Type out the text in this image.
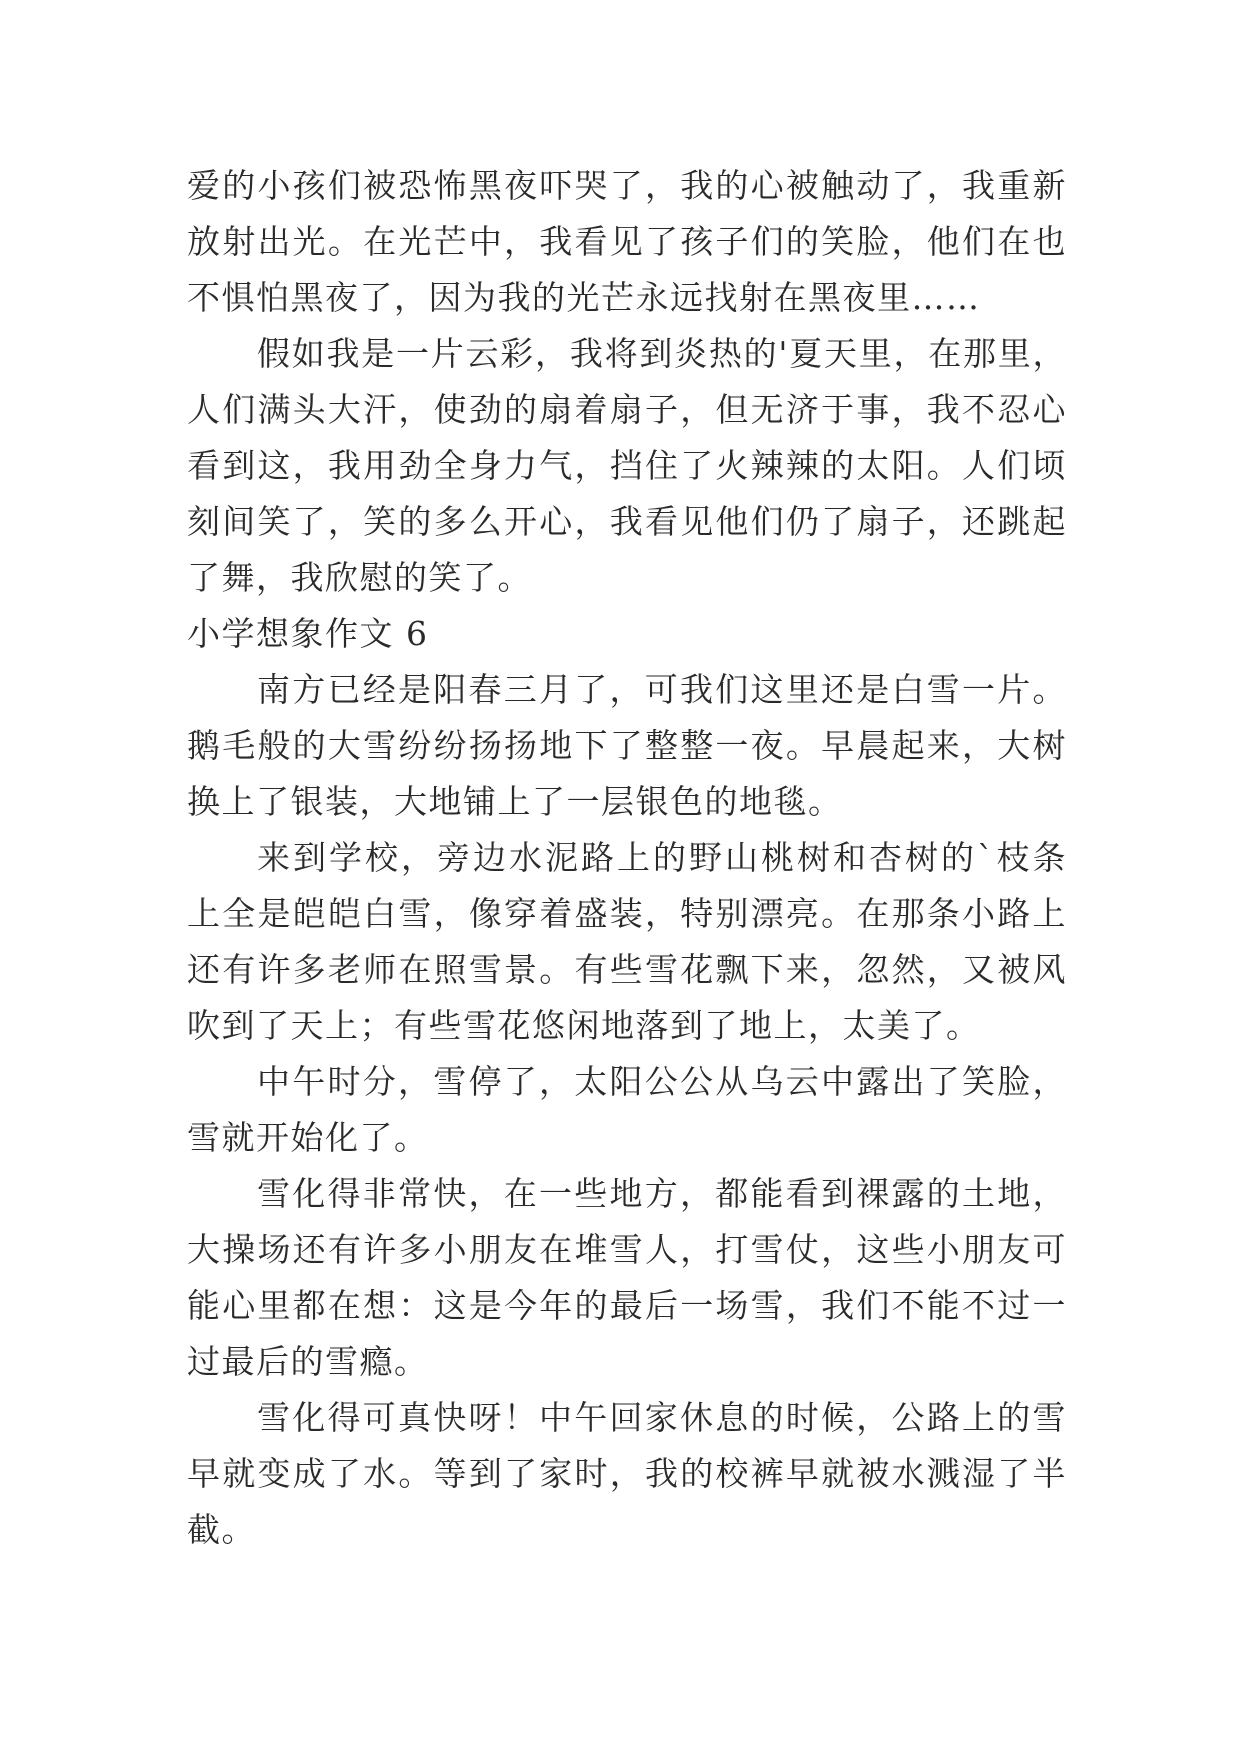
爱的小孩们被恐怖黑夜吓哭了，我的心被触动了，我重新放射出光。在光芒中，我看见了孩子们的笑脸，他们在也不惧怕黑夜了，因为我的光芒永远找射在黑夜里……

假如我是一片云彩，我将到炎热的'夏天里，在那里，人们满头大汗，使劲的扇着扇子，但无济于事，我不忍心看到这，我用劲全身力气，挡住了火辣辣的太阳。人们顷刻间笑了，笑的多么开心，我看见他们仍了扇子，还跳起了舞，我欣慰的笑了。

小学想象作文 6

南方已经是阳春三月了，可我们这里还是白雪一片。鹅毛般的大雪纷纷扬扬地下了整整一夜。早晨起来，大树换上了银装，大地铺上了一层银色的地毯。

来到学校，旁边水泥路上的野山桃树和杏树的`枝条上全是皑皑白雪，像穿着盛装，特别漂亮。在那条小路上还有许多老师在照雪景。有些雪花飘下来，忽然，又被风吹到了天上；有些雪花悠闲地落到了地上，太美了。

中午时分，雪停了，太阳公公从乌云中露出了笑脸，雪就开始化了。

雪化得非常快，在一些地方，都能看到裸露的土地，大操场还有许多小朋友在堆雪人，打雪仗，这些小朋友可能心里都在想：这是今年的最后一场雪，我们不能不过一过最后的雪瘾。

雪化得可真快呀！中午回家休息的时候，公路上的雪早就变成了水。等到了家时，我的校裤早就被水溅湿了半截。
